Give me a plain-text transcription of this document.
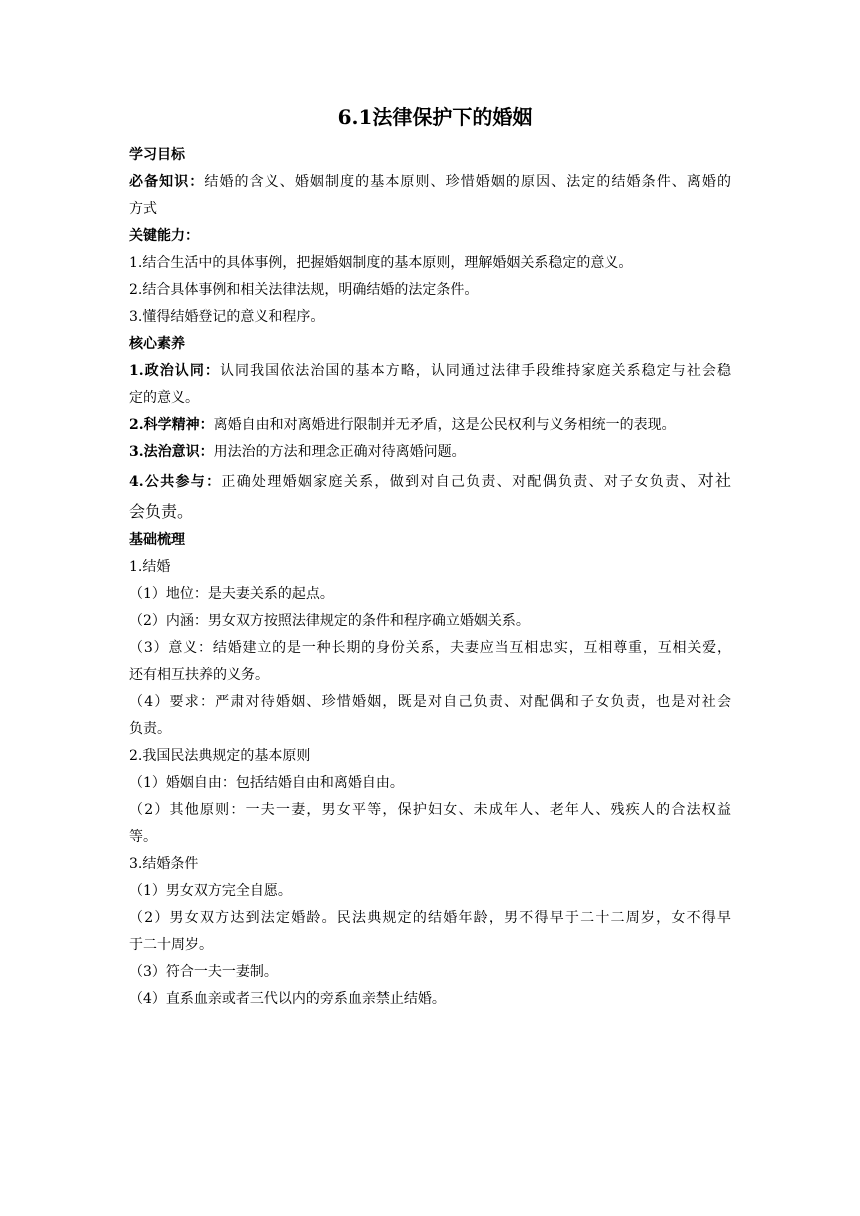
6.1法律保护下的婚姻
学习目标
必备知识：结婚的含义、婚姻制度的基本原则、珍惜婚姻的原因、法定的结婚条件、离婚的
方式
关键能力：
1.结合生活中的具体事例，把握婚姻制度的基本原则，理解婚姻关系稳定的意义。
2.结合具体事例和相关法律法规，明确结婚的法定条件。
3.懂得结婚登记的意义和程序。
核心素养
1.政治认同：认同我国依法治国的基本方略，认同通过法律手段维持家庭关系稳定与社会稳
定的意义。
2.科学精神：离婚自由和对离婚进行限制并无矛盾，这是公民权利与义务相统一的表现。
3.法治意识：用法治的方法和理念正确对待离婚问题。
4.公共参与：正确处理婚姻家庭关系，做到对自己负责、对配偶负责、对子女负责、对社
会负责。
基础梳理
1.结婚
（1）地位：是夫妻关系的起点。
（2）内涵：男女双方按照法律规定的条件和程序确立婚姻关系。
（3）意义：结婚建立的是一种长期的身份关系，夫妻应当互相忠实，互相尊重，互相关爱，
还有相互扶养的义务。
（4）要求：严肃对待婚姻、珍惜婚姻，既是对自己负责、对配偶和子女负责，也是对社会
负责。
2.我国民法典规定的基本原则
（1）婚姻自由：包括结婚自由和离婚自由。
（2）其他原则：一夫一妻，男女平等，保护妇女、未成年人、老年人、残疾人的合法权益
等。
3.结婚条件
（1）男女双方完全自愿。
（2）男女双方达到法定婚龄。民法典规定的结婚年龄，男不得早于二十二周岁，女不得早
于二十周岁。
（3）符合一夫一妻制。
（4）直系血亲或者三代以内的旁系血亲禁止结婚。
